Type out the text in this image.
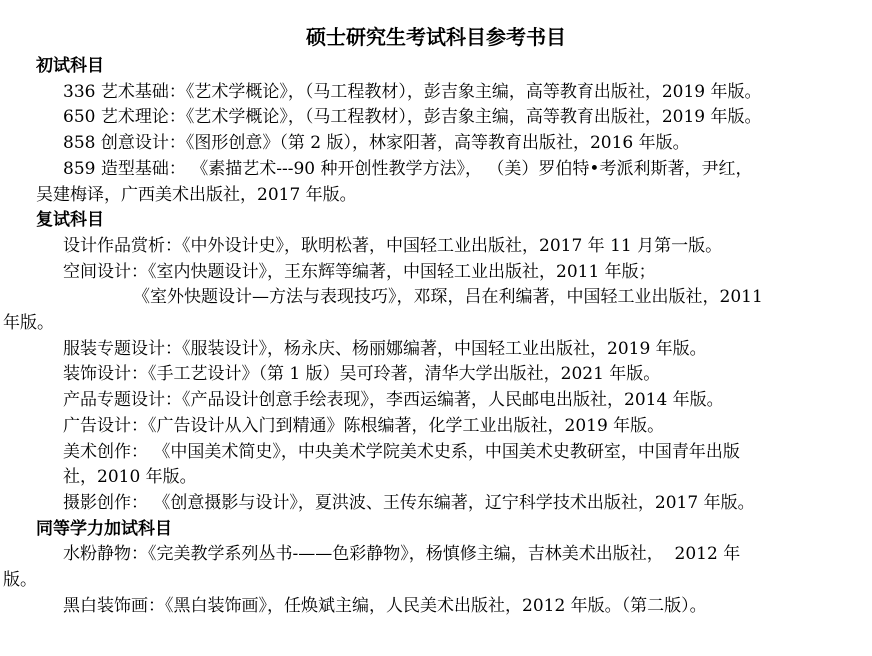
硕士研究生考试科目参考书目
初试科目
336 艺术基础：《艺术学概论》，（马工程教材），彭吉象主编，高等教育出版社，2019 年版。
650 艺术理论：《艺术学概论》，（马工程教材），彭吉象主编，高等教育出版社，2019 年版。
858 创意设计：《图形创意》（第 2 版），林家阳著，高等教育出版社，2016 年版。
859 造型基础： 《素描艺术---90 种开创性教学方法》， （美）罗伯特•考派利斯著，尹红，
吴建梅译，广西美术出版社，2017 年版。
复试科目
设计作品赏析：《中外设计史》，耿明松著，中国轻工业出版社，2017 年 11 月第一版。
空间设计：《室内快题设计》，王东辉等编著，中国轻工业出版社，2011 年版；
《室外快题设计—方法与表现技巧》，邓琛，吕在利编著，中国轻工业出版社，2011
年版。
服装专题设计：《服装设计》，杨永庆、杨丽娜编著，中国轻工业出版社，2019 年版。
装饰设计：《手工艺设计》（第 1 版）吴可玲著，清华大学出版社，2021 年版。
产品专题设计：《产品设计创意手绘表现》，李西运编著，人民邮电出版社，2014 年版。
广告设计：《广告设计从入门到精通》陈根编著，化学工业出版社，2019 年版。
美术创作： 《中国美术简史》，中央美术学院美术史系，中国美术史教研室，中国青年出版
社，2010 年版。
摄影创作： 《创意摄影与设计》，夏洪波、王传东编著，辽宁科学技术出版社，2017 年版。
同等学力加试科目
水粉静物：《完美教学系列丛书-——色彩静物》，杨慎修主编，吉林美术出版社，  2012 年
版。
黑白装饰画：《黑白装饰画》，任焕斌主编，人民美术出版社，2012 年版。（第二版）。
